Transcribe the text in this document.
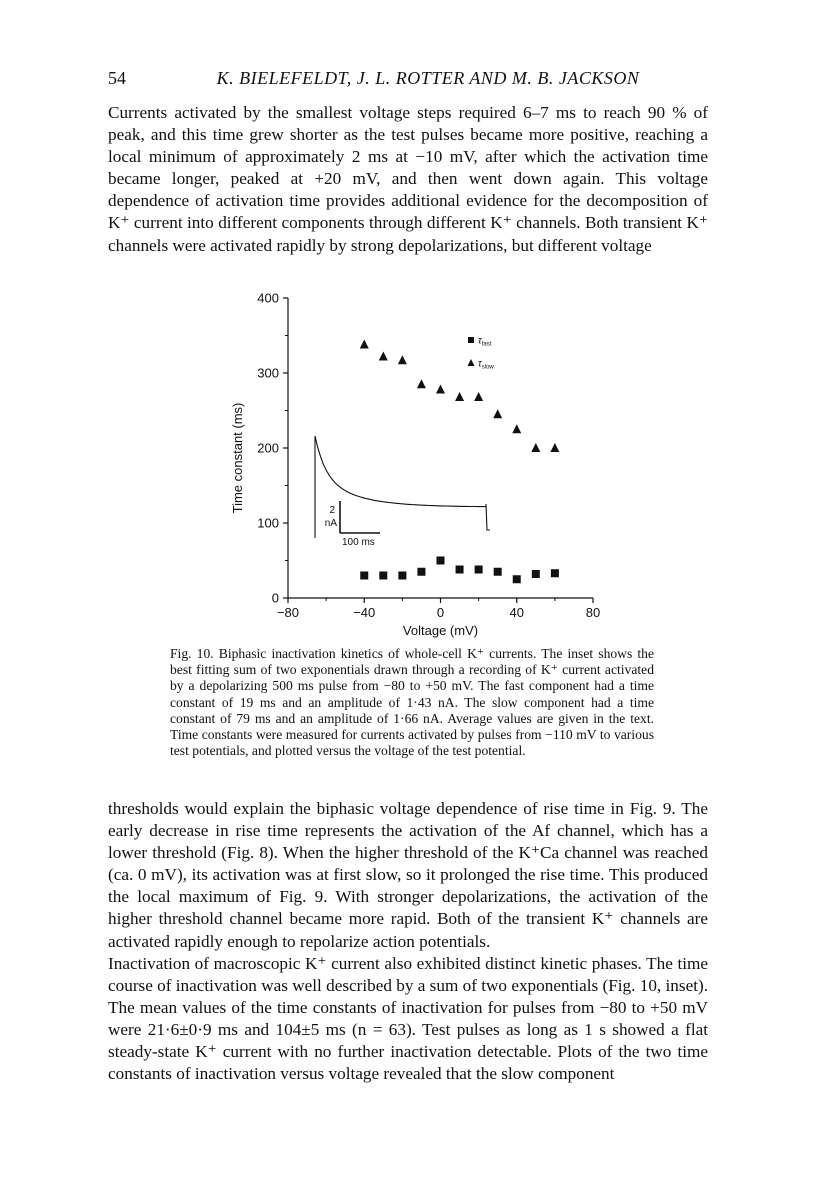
54	K. BIELEFELDT, J. L. ROTTER AND M. B. JACKSON

Currents activated by the smallest voltage steps required 6–7 ms to reach 90 % of peak, and this time grew shorter as the test pulses became more positive, reaching a local minimum of approximately 2 ms at −10 mV, after which the activation time became longer, peaked at +20 mV, and then went down again. This voltage dependence of activation time provides additional evidence for the decomposition of K⁺ current into different components through different K⁺ channels. Both transient K⁺ channels were activated rapidly by strong depolarizations, but different voltage

0
100
200
300
400
−80	−40	0	40	80
Voltage (mV)
Time constant (ms)	2
nA
100 ms
$\tau_{fast}$
$\tau_{slow}$

Fig. 10. Biphasic inactivation kinetics of whole-cell K⁺ currents. The inset shows the best fitting sum of two exponentials drawn through a recording of K⁺ current activated by a depolarizing 500 ms pulse from −80 to +50 mV. The fast component had a time constant of 19 ms and an amplitude of 1·43 nA. The slow component had a time constant of 79 ms and an amplitude of 1·66 nA. Average values are given in the text. Time constants were measured for currents activated by pulses from −110 mV to various test potentials, and plotted versus the voltage of the test potential.

thresholds would explain the biphasic voltage dependence of rise time in Fig. 9. The early decrease in rise time represents the activation of the Af channel, which has a lower threshold (Fig. 8). When the higher threshold of the K⁺Ca channel was reached (ca. 0 mV), its activation was at first slow, so it prolonged the rise time. This produced the local maximum of Fig. 9. With stronger depolarizations, the activation of the higher threshold channel became more rapid. Both of the transient K⁺ channels are activated rapidly enough to repolarize action potentials.

Inactivation of macroscopic K⁺ current also exhibited distinct kinetic phases. The time course of inactivation was well described by a sum of two exponentials (Fig. 10, inset). The mean values of the time constants of inactivation for pulses from −80 to +50 mV were 21·6±0·9 ms and 104±5 ms (n = 63). Test pulses as long as 1 s showed a flat steady-state K⁺ current with no further inactivation detectable. Plots of the two time constants of inactivation versus voltage revealed that the slow component
